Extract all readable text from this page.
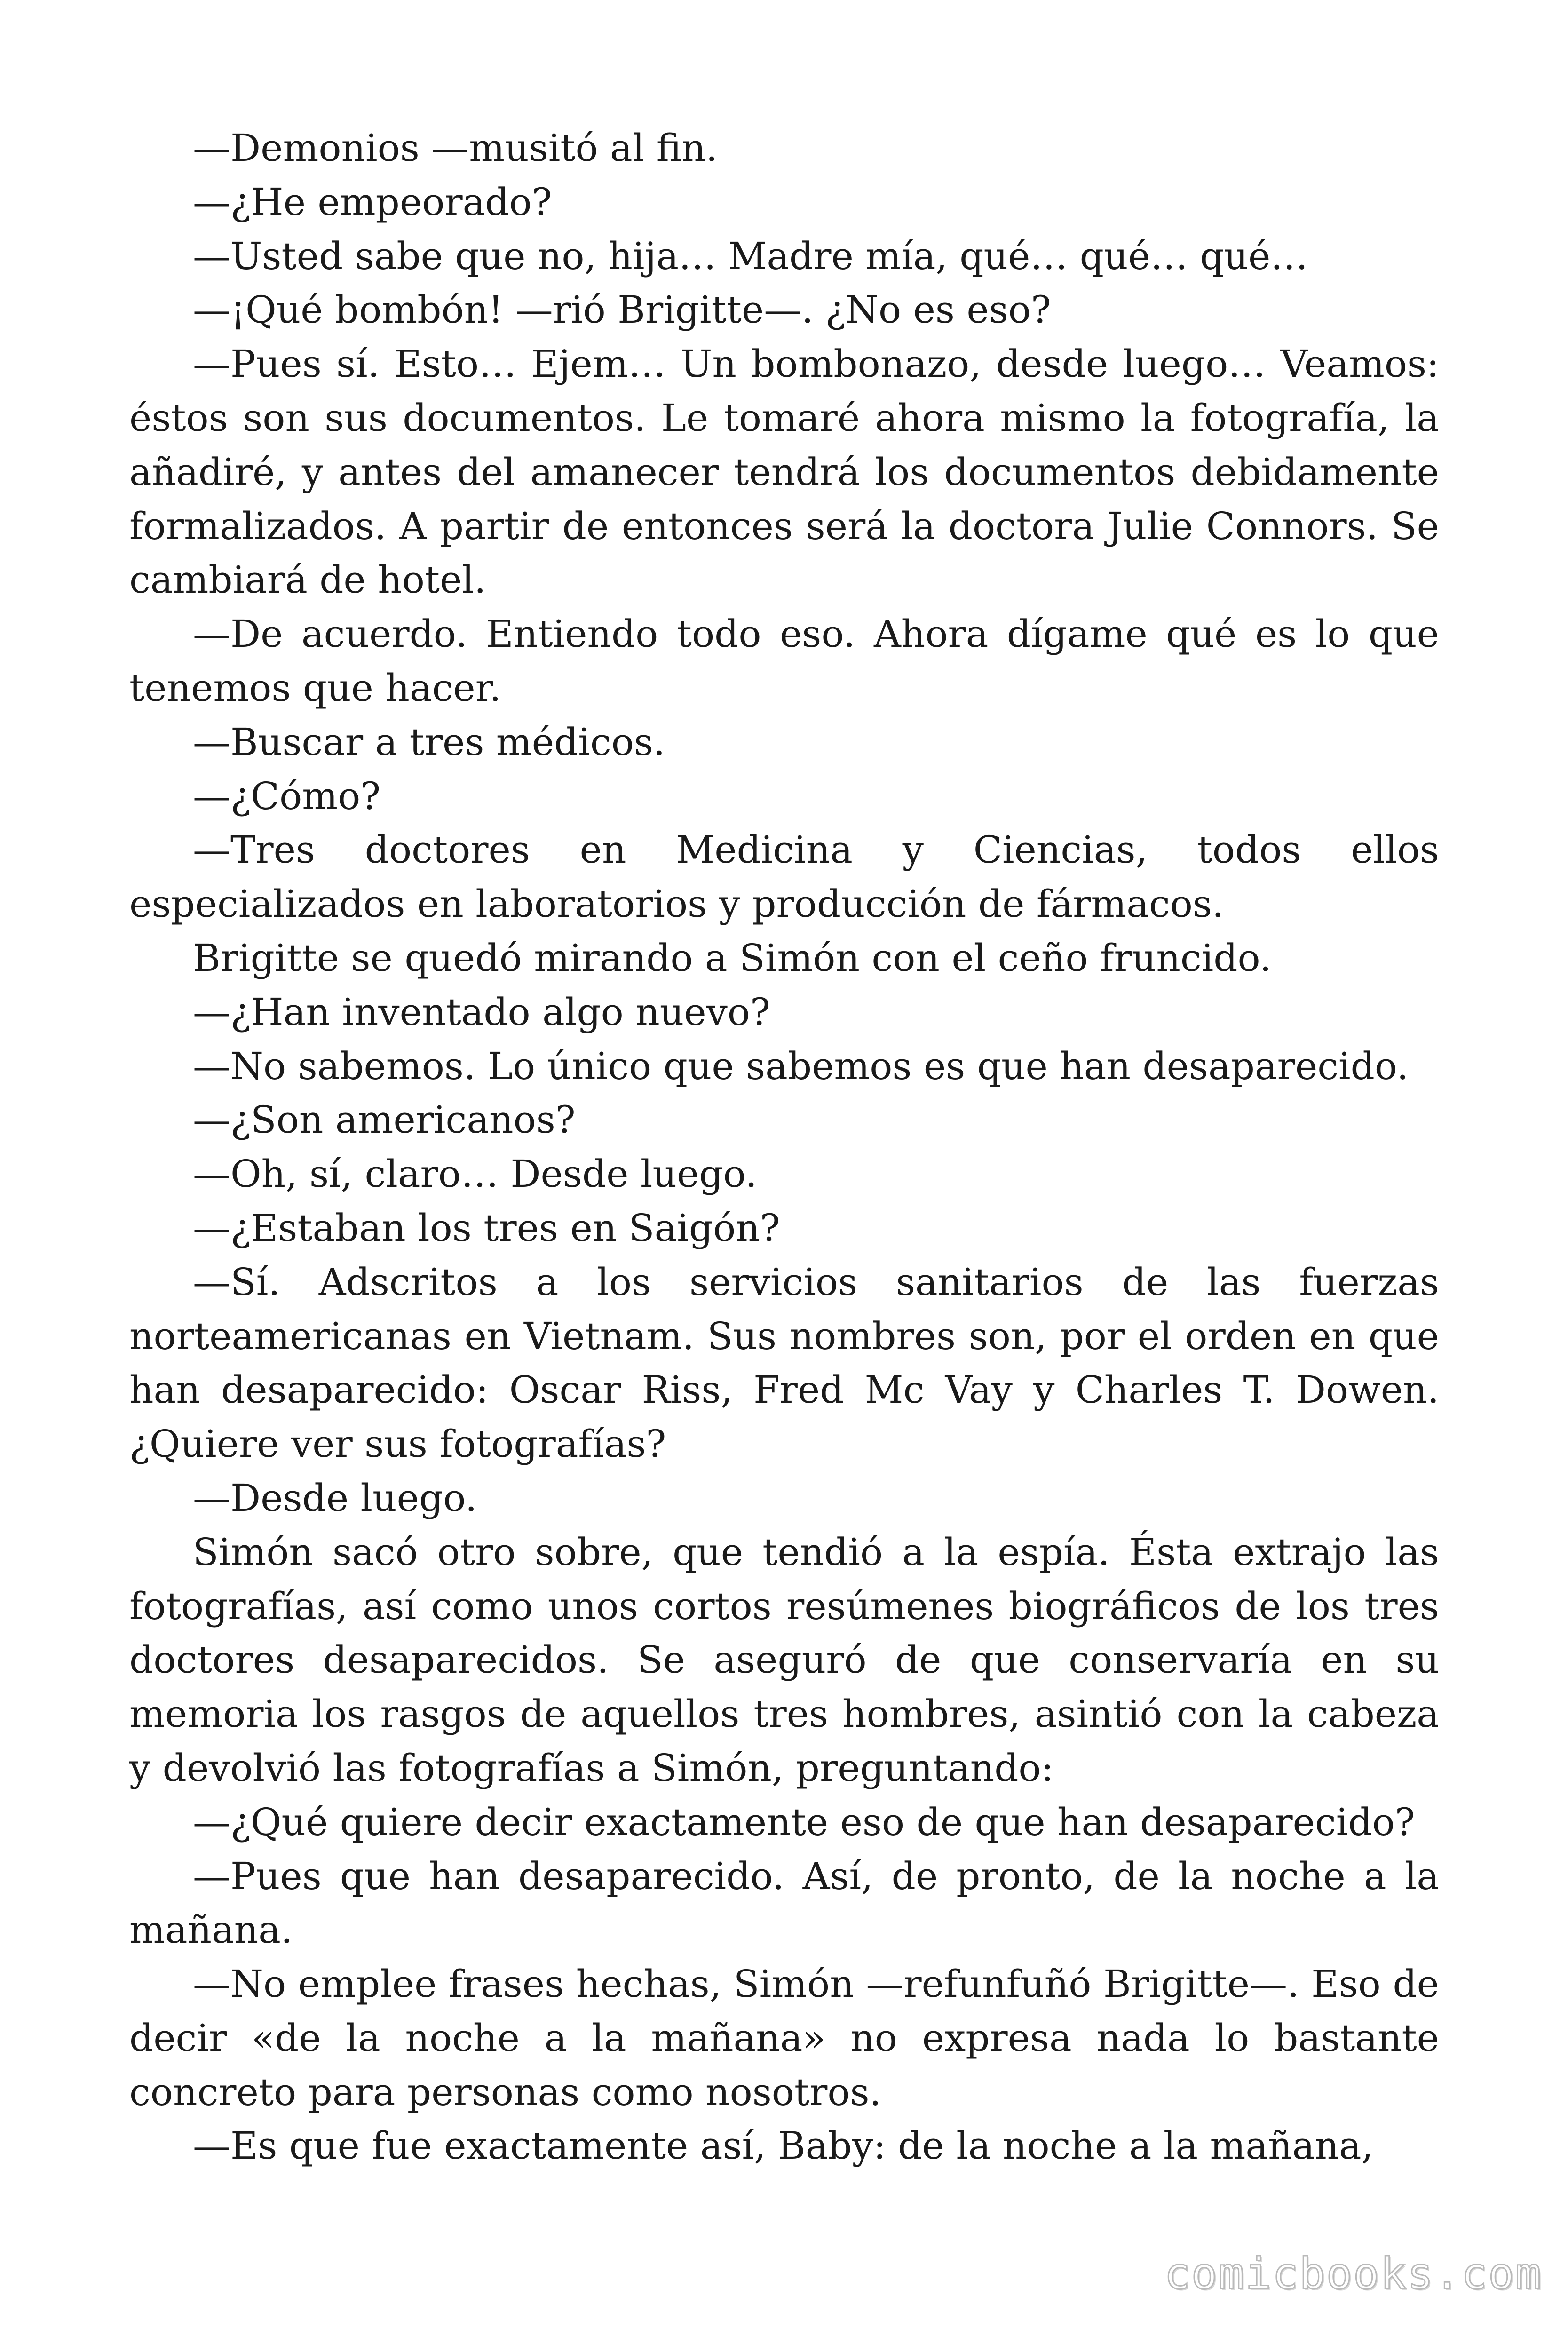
—Demonios —musitó al fin.

—¿He empeorado?

—Usted sabe que no, hija… Madre mía, qué… qué… qué…

—¡Qué bombón! —rió Brigitte—. ¿No es eso?

—Pues sí. Esto… Ejem… Un bombonazo, desde luego… Veamos: éstos son sus documentos. Le tomaré ahora mismo la fotografía, la añadiré, y antes del amanecer tendrá los documentos debidamente formalizados. A partir de entonces será la doctora Julie Connors. Se cambiará de hotel.

—De acuerdo. Entiendo todo eso. Ahora dígame qué es lo que tenemos que hacer.

—Buscar a tres médicos.

—¿Cómo?

—Tres doctores en Medicina y Ciencias, todos ellos especializados en laboratorios y producción de fármacos.

Brigitte se quedó mirando a Simón con el ceño fruncido.

—¿Han inventado algo nuevo?

—No sabemos. Lo único que sabemos es que han desaparecido.

—¿Son americanos?

—Oh, sí, claro… Desde luego.

—¿Estaban los tres en Saigón?

—Sí. Adscritos a los servicios sanitarios de las fuerzas norteamericanas en Vietnam. Sus nombres son, por el orden en que han desaparecido: Oscar Riss, Fred Mc Vay y Charles T. Dowen. ¿Quiere ver sus fotografías?

—Desde luego.

Simón sacó otro sobre, que tendió a la espía. Ésta extrajo las fotografías, así como unos cortos resúmenes biográficos de los tres doctores desaparecidos. Se aseguró de que conservaría en su memoria los rasgos de aquellos tres hombres, asintió con la cabeza y devolvió las fotografías a Simón, preguntando:

—¿Qué quiere decir exactamente eso de que han desaparecido?

—Pues que han desaparecido. Así, de pronto, de la noche a la mañana.

—No emplee frases hechas, Simón —refunfuñó Brigitte—. Eso de decir «de la noche a la mañana» no expresa nada lo bastante concreto para personas como nosotros.

—Es que fue exactamente así, Baby: de la noche a la mañana,

comicbooks.com
